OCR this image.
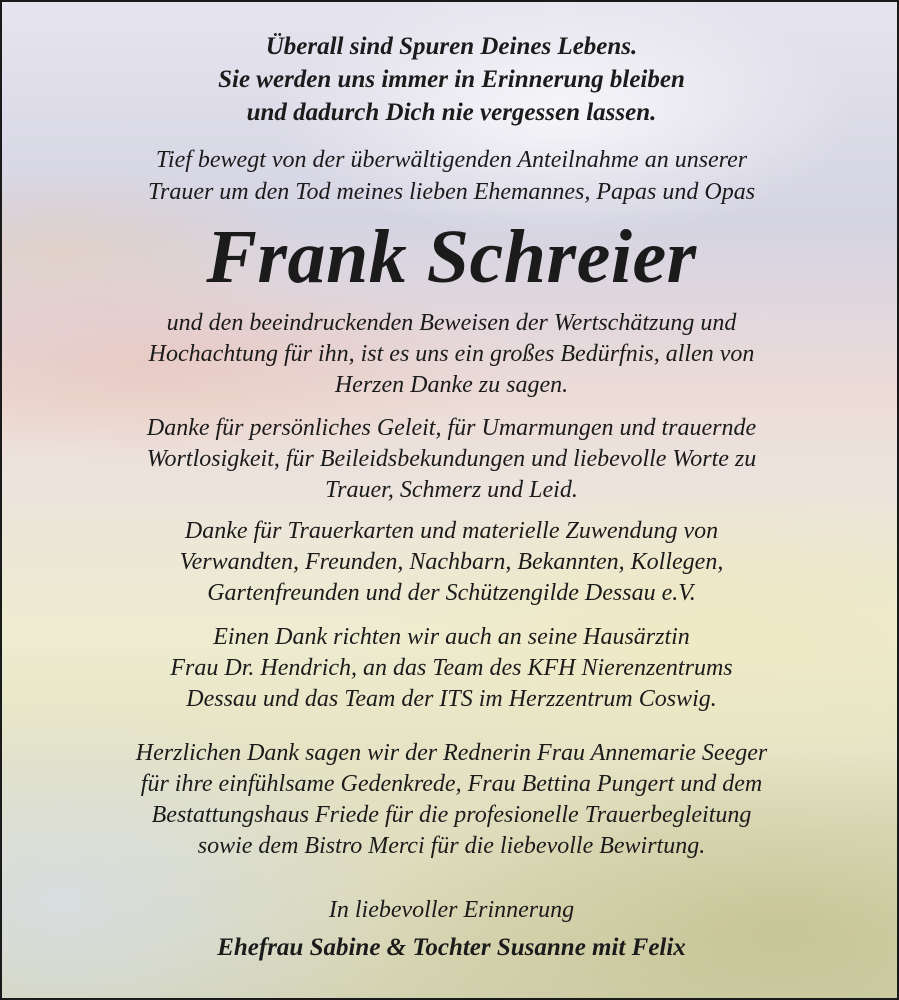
Überall sind Spuren Deines Lebens.
Sie werden uns immer in Erinnerung bleiben
und dadurch Dich nie vergessen lassen.

Tief bewegt von der überwältigenden Anteilnahme an unserer
Trauer um den Tod meines lieben Ehemannes, Papas und Opas

Frank Schreier

und den beeindruckenden Beweisen der Wertschätzung und
Hochachtung für ihn, ist es uns ein großes Bedürfnis, allen von
Herzen Danke zu sagen.

Danke für persönliches Geleit, für Umarmungen und trauernde
Wortlosigkeit, für Beileidsbekundungen und liebevolle Worte zu
Trauer, Schmerz und Leid.

Danke für Trauerkarten und materielle Zuwendung von
Verwandten, Freunden, Nachbarn, Bekannten, Kollegen,
Gartenfreunden und der Schützengilde Dessau e.V.

Einen Dank richten wir auch an seine Hausärztin
Frau Dr. Hendrich, an das Team des KFH Nierenzentrums
Dessau und das Team der ITS im Herzzentrum Coswig.

Herzlichen Dank sagen wir der Rednerin Frau Annemarie Seeger
für ihre einfühlsame Gedenkrede, Frau Bettina Pungert und dem
Bestattungshaus Friede für die profesionelle Trauerbegleitung
sowie dem Bistro Merci für die liebevolle Bewirtung.

In liebevoller Erinnerung

Ehefrau Sabine & Tochter Susanne mit Felix
